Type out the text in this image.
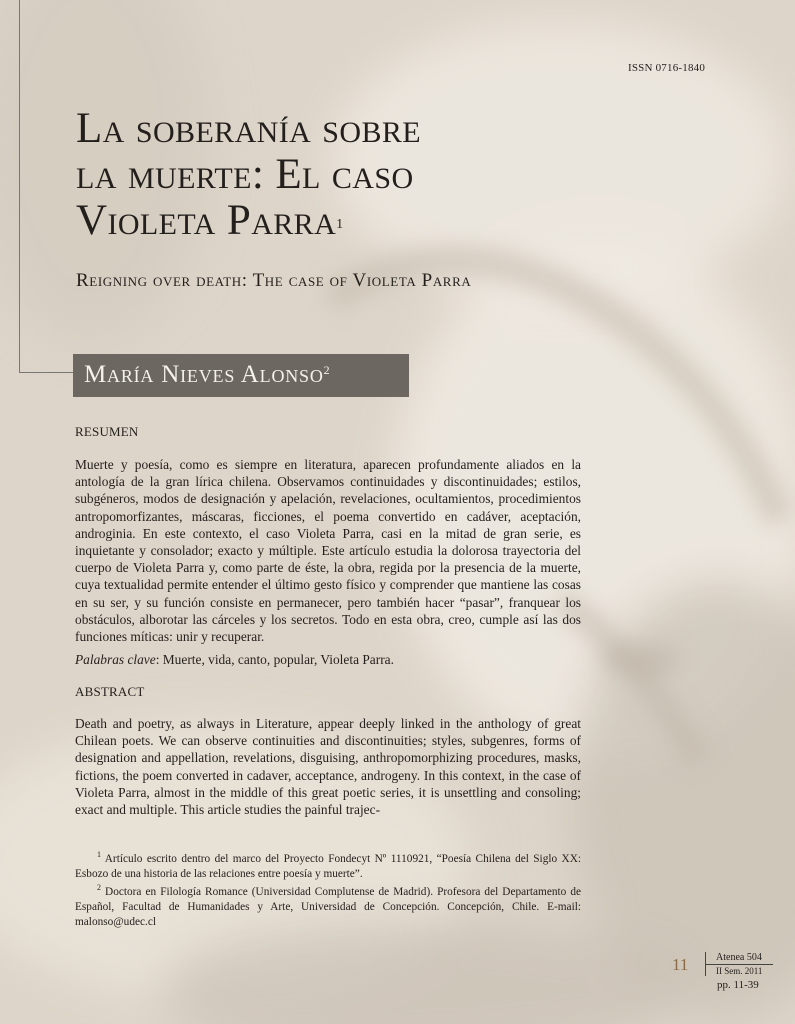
ISSN 0716-1840
La soberanía sobre
la muerte: El caso
Violeta Parra$^1$
Reigning over death: The case of Violeta Parra
María Nieves Alonso$^2$
RESUMEN

Muerte y poesía, como es siempre en literatura, aparecen profundamente aliados en la antología de la gran lírica chilena. Observamos continuidades y discontinuidades; estilos, subgéneros, modos de designación y apelación, revelaciones, ocultamientos, procedimientos antropomorfizantes, máscaras, ficciones, el poema convertido en cadáver, aceptación, androginia. En este contexto, el caso Violeta Parra, casi en la mitad de gran serie, es inquietante y consolador; exacto y múltiple. Este artículo estudia la dolorosa trayectoria del cuerpo de Violeta Parra y, como parte de éste, la obra, regida por la presencia de la muerte, cuya textualidad permite entender el último gesto físico y comprender que mantiene las cosas en su ser, y su función consiste en permanecer, pero también hacer “pasar”, franquear los obstáculos, alborotar las cárceles y los secretos. Todo en esta obra, creo, cumple así las dos funciones míticas: unir y recuperar.

Palabras clave: Muerte, vida, canto, popular, Violeta Parra.
ABSTRACT

Death and poetry, as always in Literature, appear deeply linked in the anthology of great Chilean poets. We can observe continuities and discontinuities; styles, subgenres, forms of designation and appellation, revelations, disguising, anthropomorphizing procedures, masks, fictions, the poem converted in cadaver, acceptance, androgeny. In this context, in the case of Violeta Parra, almost in the middle of this great poetic series, it is unsettling and consoling; exact and multiple. This article studies the painful trajec-

$^1$ Artículo escrito dentro del marco del Proyecto Fondecyt Nº 1110921, “Poesía Chilena del Siglo XX: Esbozo de una historia de las relaciones entre poesía y muerte”.

$^2$ Doctora en Filología Romance (Universidad Complutense de Madrid). Profesora del Departamento de Español, Facultad de Humanidades y Arte, Universidad de Concepción. Concepción, Chile. E-mail: malonso@udec.cl

11	Atenea 504
II Sem. 2011
pp. 11-39
